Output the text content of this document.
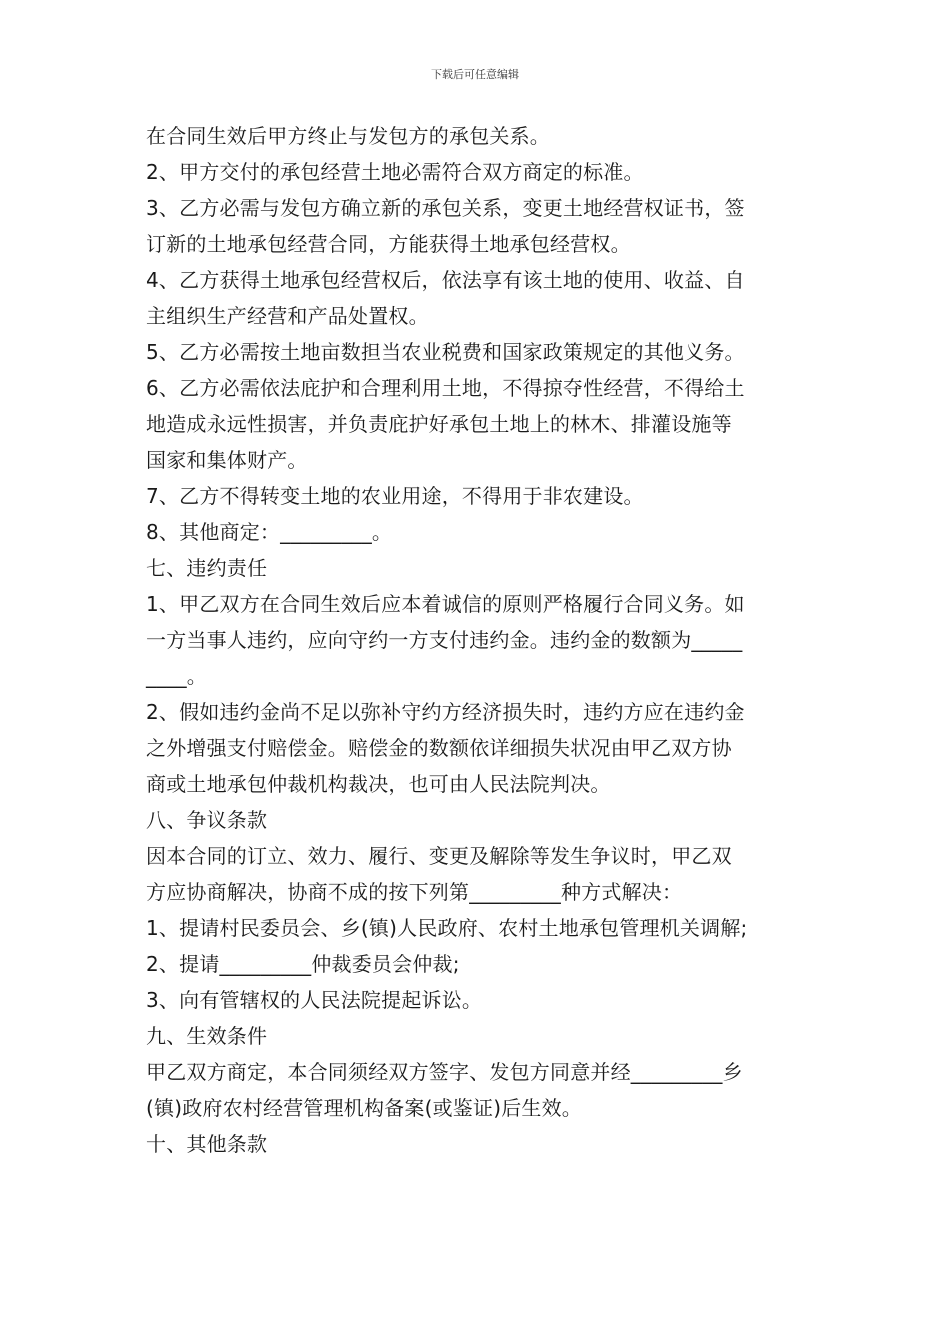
下载后可任意编辑
在合同生效后甲方终止与发包方的承包关系。
2、甲方交付的承包经营土地必需符合双方商定的标准。
3、乙方必需与发包方确立新的承包关系，变更土地经营权证书，签
订新的土地承包经营合同，方能获得土地承包经营权。
4、乙方获得土地承包经营权后，依法享有该土地的使用、收益、自
主组织生产经营和产品处置权。
5、乙方必需按土地亩数担当农业税费和国家政策规定的其他义务。
6、乙方必需依法庇护和合理利用土地，不得掠夺性经营，不得给土
地造成永远性损害，并负责庇护好承包土地上的林木、排灌设施等
国家和集体财产。
7、乙方不得转变土地的农业用途，不得用于非农建设。
8、其他商定：_________。
七、违约责任
1、甲乙双方在合同生效后应本着诚信的原则严格履行合同义务。如
一方当事人违约，应向守约一方支付违约金。违约金的数额为_____
____。
2、假如违约金尚不足以弥补守约方经济损失时，违约方应在违约金
之外增强支付赔偿金。赔偿金的数额依详细损失状况由甲乙双方协
商或土地承包仲裁机构裁决，也可由人民法院判决。
八、争议条款
因本合同的订立、效力、履行、变更及解除等发生争议时，甲乙双
方应协商解决，协商不成的按下列第_________种方式解决：
1、提请村民委员会、乡(镇)人民政府、农村土地承包管理机关调解;
2、提请_________仲裁委员会仲裁;
3、向有管辖权的人民法院提起诉讼。
九、生效条件
甲乙双方商定，本合同须经双方签字、发包方同意并经_________乡
(镇)政府农村经营管理机构备案(或鉴证)后生效。
十、其他条款
